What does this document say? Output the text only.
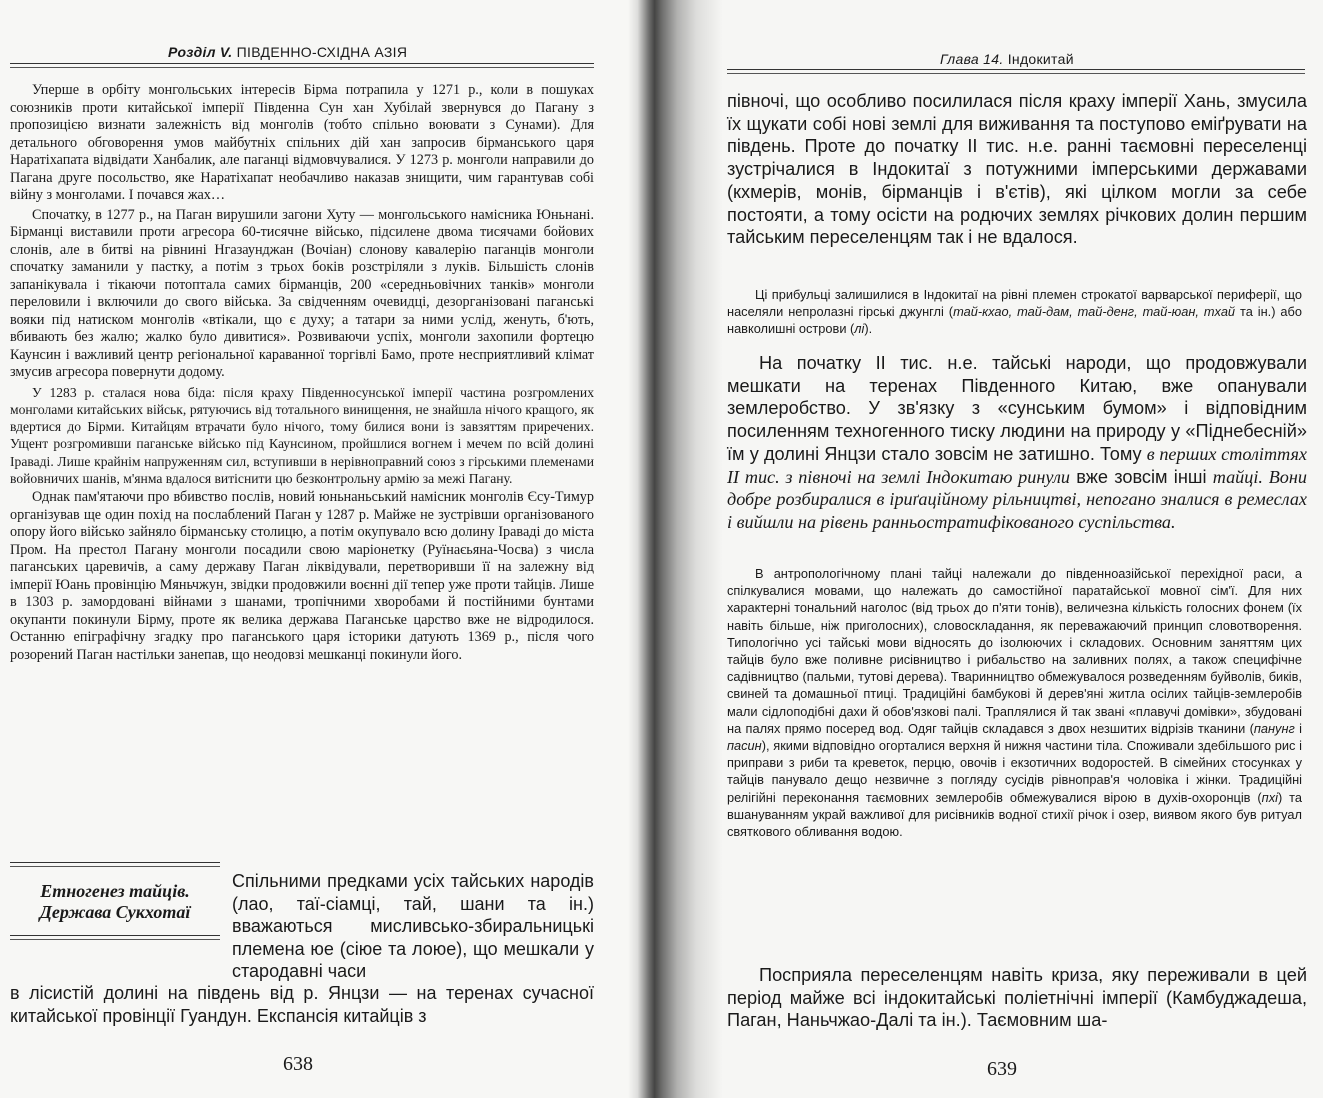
Розділ V. ПІВДЕННО-СХІДНА АЗІЯ

Уперше в орбіту монгольських інтересів Бірма потрапила у 1271 р., коли в пошуках союзників проти китайської імперії Південна Сун хан Хубілай звернувся до Пагану з пропозицією визнати залежність від монголів (тобто спільно воювати з Сунами). Для детального обговорення умов майбутніх спільних дій хан запросив бірманського царя Наратіхапата відвідати Ханбалик, але паганці відмовчувалися. У 1273 р. монголи направили до Пагана друге посольство, яке Наратіхапат необачливо наказав знищити, чим гарантував собі війну з монголами. І почався жах…

Спочатку, в 1277 р., на Паган вирушили загони Хуту — монгольського намісника Юньнані. Бірманці виставили проти агресора 60-тисячне військо, підсилене двома тисячами бойових слонів, але в битві на рівнині Нгазаунджан (Вочіан) слонову кавалерію паганців монголи спочатку заманили у пастку, а потім з трьох боків розстріляли з луків. Більшість слонів запанікувала і тікаючи потоптала самих бірманців, 200 «середньовічних танків» монголи переловили і включили до свого війська. За свідченням очевидці, дезорганізовані паганські вояки під натиском монголів «втікали, що є духу; а татари за ними услід, женуть, б'ють, вбивають без жалю; жалко було дивитися». Розвиваючи успіх, монголи захопили фортецю Каунсин і важливий центр регіональної караванної торгівлі Бамо, проте несприятливий клімат змусив агресора повернути додому.

У 1283 р. сталася нова біда: після краху Південносунської імперії частина розгромлених монголами китайських військ, рятуючись від тотального винищення, не знайшла нічого кращого, як вдертися до Бірми. Китайцям втрачати було нічого, тому билися вони із завзяттям приречених. Ущент розгромивши паганське військо під Каунсином, пройшлися вогнем і мечем по всій долині Іраваді. Лише крайнім напруженням сил, вступивши в нерівноправний союз з гірськими племенами войовничих шанів, м'янма вдалося витіснити цю безконтрольну армію за межі Пагану.

Однак пам'ятаючи про вбивство послів, новий юньнаньський намісник монголів Єсу-Тимур організував ще один похід на послаблений Паган у 1287 р. Майже не зустрівши організованого опору його військо зайняло бірманську столицю, а потім окупувало всю долину Іраваді до міста Пром. На престол Пагану монголи посадили свою маріонетку (Руїнаєьяна-Чосва) з числа паганських царевичів, а саму державу Паган ліквідували, перетворивши її на залежну від імперії Юань провінцію Мяньчжун, звідки продовжили воєнні дії тепер уже проти тайців. Лише в 1303 р. замордовані війнами з шанами, тропічними хворобами й постійними бунтами окупанти покинули Бірму, проте як велика держава Паганське царство вже не відродилося. Останню епіграфічну згадку про паганського царя історики датують 1369 р., після чого розорений Паган настільки занепав, що неодовзі мешканці покинули його.

Етногенез тайців.
Держава Сукхотаї
Спільними предками усіх тайських народів (лао, таї-сіамці, тай, шани та ін.) вважаються мисливсько-збиральницькі племена юе (сіюе та лоюе), що мешкали у стародавні часи
в лісистій долині на південь від р. Янцзи — на теренах сучасної китайської провінції Гуандун. Експансія китайців з
638
Глава 14. Індокитай
639

півночі, що особливо посилилася після краху імперії Хань, змусила їх щукати собі нові землі для виживання та поступово еміґрувати на південь. Проте до початку II тис. н.е. ранні таємовні переселенці зустрічалися в Індокитаї з потужними імперськими державами (кхмерів, монів, бірманців і в'єтів), які цілком могли за себе постояти, а тому осісти на родючих землях річкових долин першим тайським переселенцям так і не вдалося.

Ці прибульці залишилися в Індокитаї на рівні племен строкатої варварської периферії, що населяли непролазні гірські джунглі (тай-кхао, тай-дам, тай-денг, тай-юан, тхай та ін.) або навколишні острови (лі).

На початку II тис. н.е. тайські народи, що продовжували мешкати на теренах Південного Китаю, вже опанували землеробство. У зв'язку з «сунським бумом» і відповідним посиленням техногенного тиску людини на природу у «Піднебесній» їм у долині Янцзи стало зовсім не затишно. Тому в перших століттях II тис. з півночі на землі Індокитаю ринули вже зовсім інші тайці. Вони добре розбиралися в іриґаційному рільництві, непогано зналися в ремеслах і вийшли на рівень ранньостратифікованого суспільства.

В антропологічному плані тайці належали до південноазійської перехідної раси, а спілкувалися мовами, що належать до самостійної паратайської мовної сім'ї. Для них характерні тональний наголос (від трьох до п'яти тонів), величезна кількість голосних фонем (їх навіть більше, ніж приголосних), словоскладання, як переважаючий принцип словотворення. Типологічно усі тайські мови відносять до ізолюючих і складових. Основним заняттям цих тайців було вже поливне рисівництво і рибальство на заливних полях, а також специфічне садівництво (пальми, тутові дерева). Тваринництво обмежувалося розведенням буйволів, биків, свиней та домашньої птиці. Традиційні бамбукові й дерев'яні житла осілих тайців-землеробів мали сідлоподібні дахи й обов'язкові палі. Траплялися й так звані «плавучі домівки», збудовані на палях прямо посеред вод. Одяг тайців складався з двох незшитих відрізів тканини (панунг і пасин), якими відповідно огорталися верхня й нижня частини тіла. Споживали здебільшого рис і приправи з риби та креветок, перцю, овочів і екзотичних водоростей. В сімейних стосунках у тайців панувало дещо незвичне з погляду сусідів рівноправ'я чоловіка і жінки. Традиційні релігійні переконання таємовних землеробів обмежувалися вірою в духів-охоронців (пхі) та вшануванням украй важливої для рисівників водної стихії річок і озер, виявом якого був ритуал святкового обливання водою.

Посприяла переселенцям навіть криза, яку переживали в цей період майже всі індокитайські поліетнічні імперії (Камбуджадеша, Паган, Наньчжао-Далі та ін.). Таємовним ша-
